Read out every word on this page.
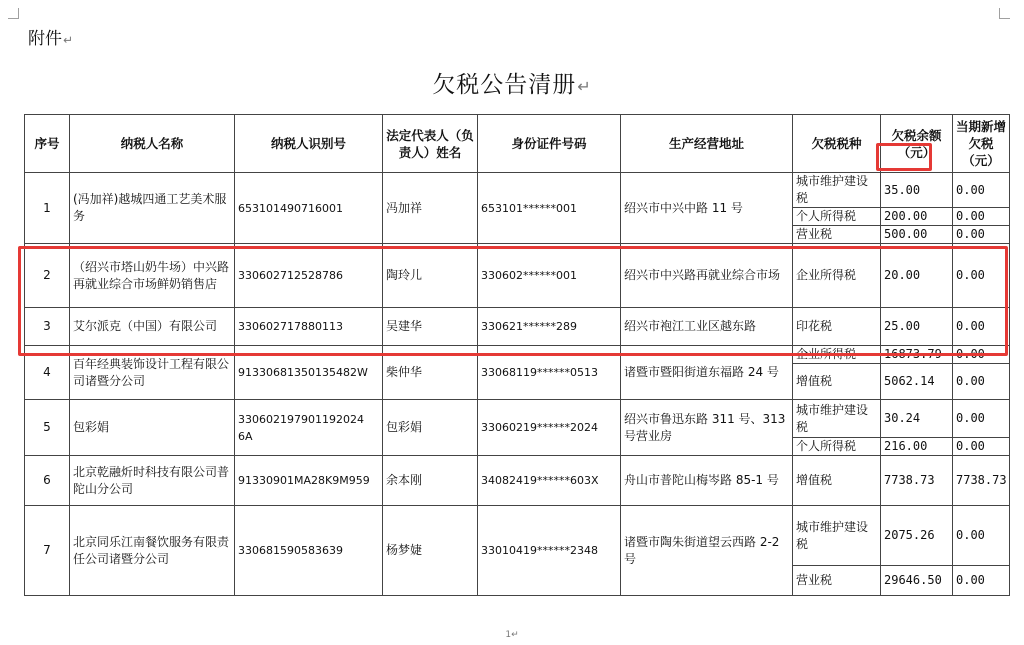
附件↵
欠税公告清册↵
序号	纳税人名称	纳税人识别号	法定代表人（负责人）姓名	身份证件号码	生产经营地址	欠税税种	欠税余额（元）	当期新增欠税（元）
1	(冯加祥)越城四通工艺美术服务	653101490716001	冯加祥	653101******001	绍兴市中兴中路 11 号	城市维护建设税	35.00	0.00
						个人所得税	200.00	0.00
						营业税	500.00	0.00
2	（绍兴市塔山奶牛场）中兴路再就业综合市场鲜奶销售店	330602712528786	陶玲儿	330602******001	绍兴市中兴路再就业综合市场	企业所得税	20.00	0.00
3	艾尔派克（中国）有限公司	330602717880113	吴建华	330621******289	绍兴市袍江工业区越东路	印花税	25.00	0.00
4	百年经典装饰设计工程有限公司诸暨分公司	91330681350135482W	柴仲华	33068119******0513	诸暨市暨阳街道东福路 24 号	企业所得税	16873.79	0.00
						增值税	5062.14	0.00
5	包彩娟	330602197901192024 6A	包彩娟	33060219******2024	绍兴市鲁迅东路 311 号、313 号营业房	城市维护建设税	30.24	0.00
						个人所得税	216.00	0.00
6	北京乾融炘时科技有限公司普陀山分公司	91330901MA28K9M959	余本刚	34082419******603X	舟山市普陀山梅岑路 85-1 号	增值税	7738.73	7738.73
7	北京同乐江南餐饮服务有限责任公司诸暨分公司	330681590583639	杨梦婕	33010419******2348	诸暨市陶朱街道望云西路 2-2 号	城市维护建设税	2075.26	0.00
						营业税	29646.50	0.00
1↵
